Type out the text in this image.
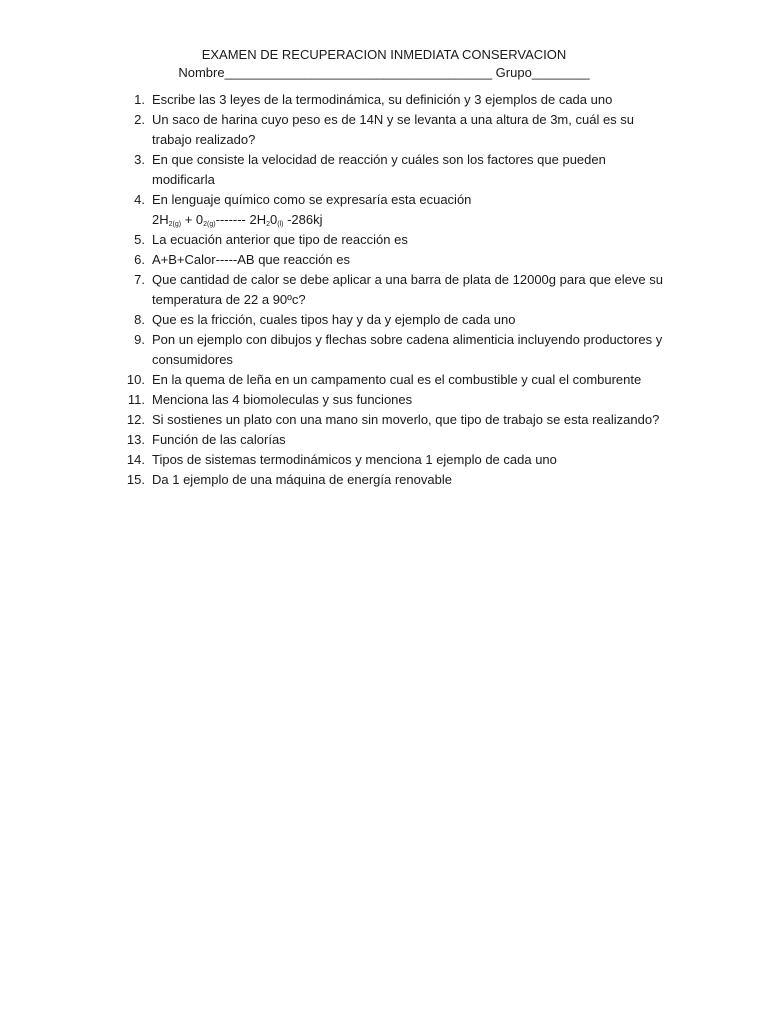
EXAMEN DE RECUPERACION INMEDIATA CONSERVACION
Nombre_____________________________________ Grupo________
1. Escribe las 3 leyes de la termodinámica, su definición y 3 ejemplos de cada uno
2. Un saco de harina cuyo peso es de 14N y se levanta a una altura de 3m, cuál es su trabajo realizado?
3. En que consiste la velocidad de reacción y cuáles son los factores que pueden modificarla
4. En lenguaje químico como se expresaría esta ecuación
$2H_{2(g)} + 0_{2(g)}-------$ $2H_20_{(l)}$ -286kj
5. La ecuación anterior que tipo de reacción es
6. A+B+Calor-----AB que reacción es
7. Que cantidad de calor se debe aplicar a una barra de plata de 12000g para que eleve su temperatura de 22 a 90ºc?
8. Que es la fricción, cuales tipos hay y da y ejemplo de cada uno
9. Pon un ejemplo con dibujos y flechas sobre cadena alimenticia incluyendo productores y consumidores
10. En la quema de leña en un campamento cual es el combustible y cual el comburente
11. Menciona las 4 biomoleculas y sus funciones
12. Si sostienes un plato con una mano sin moverlo, que tipo de trabajo se esta realizando?
13. Función de las calorías
14. Tipos de sistemas termodinámicos y menciona 1 ejemplo de cada uno
15. Da 1 ejemplo de una máquina de energía renovable
